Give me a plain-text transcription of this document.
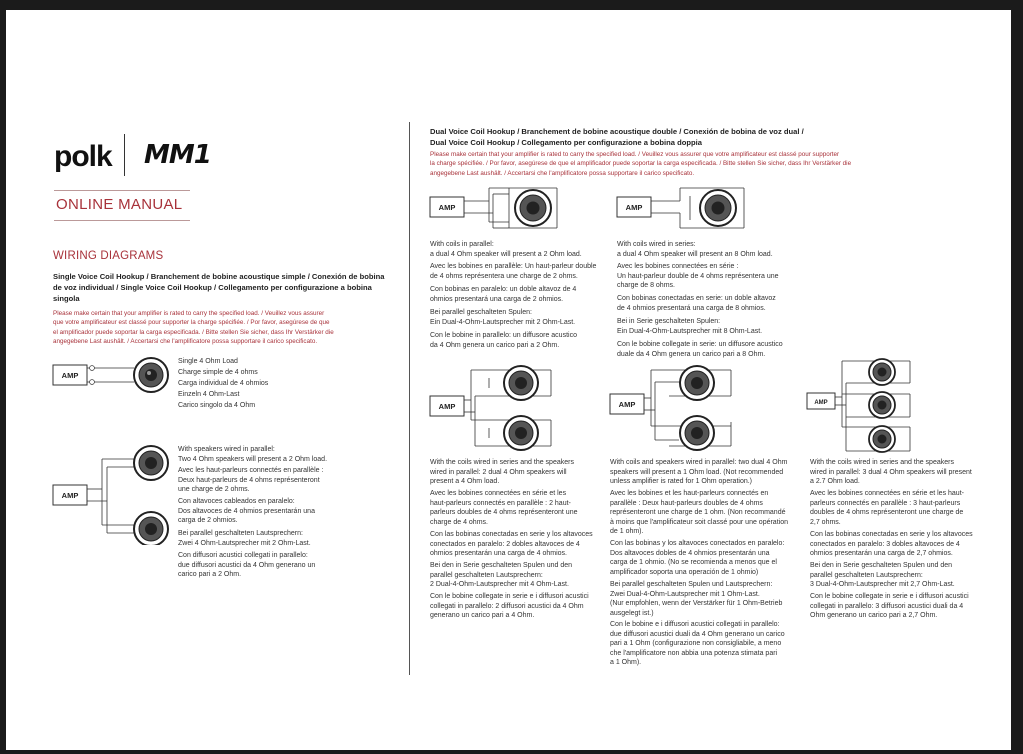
polk MM1
ONLINE MANUAL
WIRING DIAGRAMS
Single Voice Coil Hookup / Branchement de bobine acoustique simple / Conexión de bobina
de voz individual / Single Voice Coil Hookup / Collegamento per configurazione a bobina
singola
Please make certain that your amplifier is rated to carry the specified load. / Veuillez vous assurer
que votre amplificateur est classé pour supporter la charge spécifiée. / Por favor, asegúrese de que
el amplificador puede soportar la carga especificada. / Bitte stellen Sie sicher, dass Ihr Verstärker die
angegebene Last aushält. / Accertarsi che l'amplificatore possa supportare il carico specificato.
AMP
Single 4 Ohm Load
Charge simple de 4 ohms
Carga individual de 4 ohmios
Einzeln 4 Ohm-Last
Carico singolo da 4 Ohm
AMP
With speakers wired in parallel:
Two 4 Ohm speakers will present a 2 Ohm load.
Avec les haut-parleurs connectés en parallèle :
Deux haut-parleurs de 4 ohms représenteront
une charge de 2 ohms.
Con altavoces cableados en paralelo:
Dos altavoces de 4 ohmios presentarán una
carga de 2 ohmios.
Bei parallel geschalteten Lautsprechern:
Zwei 4 Ohm-Lautsprecher mit 2 Ohm-Last.
Con diffusori acustici collegati in parallelo:
due diffusori acustici da 4 Ohm generano un
carico pari a 2 Ohm.
Dual Voice Coil Hookup / Branchement de bobine acoustique double / Conexión de bobina de voz dual /
Dual Voice Coil Hookup / Collegamento per configurazione a bobina doppia
Please make certain that your amplifier is rated to carry the specified load. / Veuillez vous assurer que votre amplificateur est classé pour supporter
la charge spécifiée. / Por favor, asegúrese de que el amplificador puede soportar la carga especificada. / Bitte stellen Sie sicher, dass Ihr Verstärker die
angegebene Last aushält. / Accertarsi che l'amplificatore possa supportare il carico specificato.
AMP	AMP
With coils in parallel:
a dual 4 Ohm speaker will present a 2 Ohm load.
Avec les bobines en parallèle: Un haut-parleur double
de 4 ohms représentera une charge de 2 ohms.
Con bobinas en paralelo: un doble altavoz de 4
ohmios presentará una carga de 2 ohmios.
Bei parallel geschalteten Spulen:
Ein Dual-4-Ohm-Lautsprecher mit 2 Ohm-Last.
Con le bobine in parallelo: un diffusore acustico
da 4 Ohm genera un carico pari a 2 Ohm.
With coils wired in series:
a dual 4 Ohm speaker will present an 8 Ohm load.
Avec les bobines connectées en série :
Un haut-parleur double de 4 ohms représentera une
charge de 8 ohms.
Con bobinas conectadas en serie: un doble altavoz
de 4 ohmios presentará una carga de 8 ohmios.
Bei in Serie geschalteten Spulen:
Ein Dual-4-Ohm-Lautsprecher mit 8 Ohm-Last.
Con le bobine collegate in serie: un diffusore acustico
duale da 4 Ohm genera un carico pari a 8 Ohm.
AMP	AMP	AMP
With the coils wired in series and the speakers
wired in parallel: 2 dual 4 Ohm speakers will
present a 4 Ohm load.
Avec les bobines connectées en série et les
haut-parleurs connectés en parallèle : 2 haut-
parleurs doubles de 4 ohms représenteront une
charge de 4 ohms.
Con las bobinas conectadas en serie y los altavoces
conectados en paralelo: 2 dobles altavoces de 4
ohmios presentarán una carga de 4 ohmios.
Bei den in Serie geschalteten Spulen und den
parallel geschalteten Lautsprechern:
2 Dual-4-Ohm-Lautsprecher mit 4 Ohm-Last.
Con le bobine collegate in serie e i diffusori acustici
collegati in parallelo: 2 diffusori acustici da 4 Ohm
generano un carico pari a 4 Ohm.
With coils and speakers wired in parallel: two dual 4 Ohm
speakers will present a 1 Ohm load. (Not recommended
unless amplifier is rated for 1 Ohm operation.)
Avec les bobines et les haut-parleurs connectés en
parallèle : Deux haut-parleurs doubles de 4 ohms
représenteront une charge de 1 ohm. (Non recommandé
à moins que l'amplificateur soit classé pour une opération
de 1 ohm).
Con las bobinas y los altavoces conectados en paralelo:
Dos altavoces dobles de 4 ohmios presentarán una
carga de 1 ohmio. (No se recomienda a menos que el
amplificador soporta una operación de 1 ohmio)
Bei parallel geschalteten Spulen und Lautsprechern:
Zwei Dual-4-Ohm-Lautsprecher mit 1 Ohm-Last.
(Nur empfohlen, wenn der Verstärker für 1 Ohm-Betrieb
ausgelegt ist.)
Con le bobine e i diffusori acustici collegati in parallelo:
due diffusori acustici duali da 4 Ohm generano un carico
pari a 1 Ohm (configurazione non consigliabile, a meno
che l'amplificatore non abbia una potenza stimata pari
a 1 Ohm).
With the coils wired in series and the speakers
wired in parallel: 3 dual 4 Ohm speakers will present
a 2.7 Ohm load.
Avec les bobines connectées en série et les haut-
parleurs connectés en parallèle : 3 haut-parleurs
doubles de 4 ohms représenteront une charge de
2,7 ohms.
Con las bobinas conectadas en serie y los altavoces
conectados en paralelo: 3 dobles altavoces de 4
ohmios presentarán una carga de 2,7 ohmios.
Bei den in Serie geschalteten Spulen und den
parallel geschalteten Lautsprechern:
3 Dual-4-Ohm-Lautsprecher mit 2,7 Ohm-Last.
Con le bobine collegate in serie e i diffusori acustici
collegati in parallelo: 3 diffusori acustici duali da 4
Ohm generano un carico pari a 2,7 Ohm.
